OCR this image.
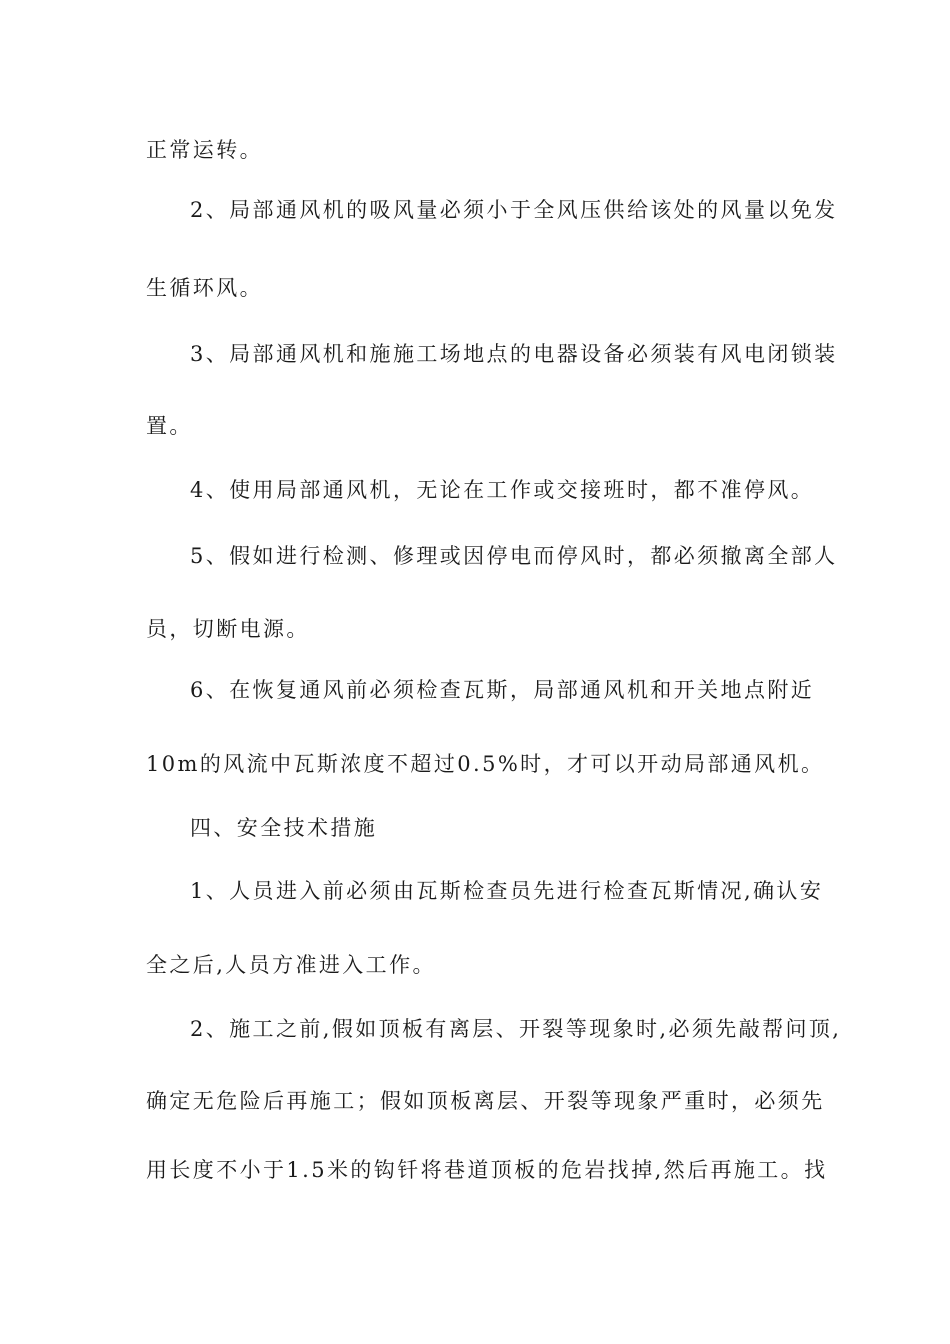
正常运转。
2、局部通风机的吸风量必须小于全风压供给该处的风量以免发
生循环风。
3、局部通风机和施施工场地点的电器设备必须装有风电闭锁装
置。
4、使用局部通风机，无论在工作或交接班时，都不准停风。
5、假如进行检测、修理或因停电而停风时，都必须撤离全部人
员，切断电源。
6、在恢复通风前必须检查瓦斯，局部通风机和开关地点附近
10m的风流中瓦斯浓度不超过0.5%时，才可以开动局部通风机。
四、安全技术措施
1、人员进入前必须由瓦斯检查员先进行检查瓦斯情况,确认安
全之后,人员方准进入工作。
2、施工之前,假如顶板有离层、开裂等现象时,必须先敲帮问顶,
确定无危险后再施工；假如顶板离层、开裂等现象严重时，必须先
用长度不小于1.5米的钩钎将巷道顶板的危岩找掉,然后再施工。找
